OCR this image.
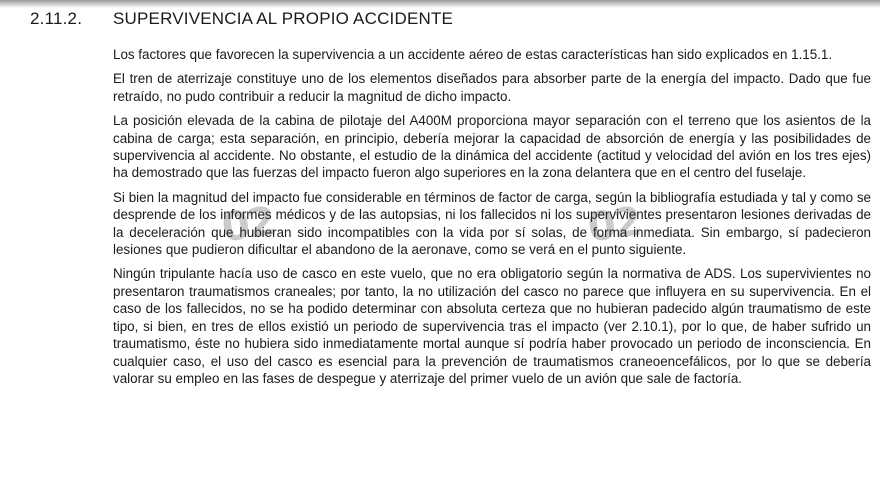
2.11.2. SUPERVIVENCIA AL PROPIO ACCIDENTE

Los factores que favorecen la supervivencia a un accidente aéreo de estas características han sido explicados en 1.15.1.

El tren de aterrizaje constituye uno de los elementos diseñados para absorber parte de la energía del impacto. Dado que fue retraído, no pudo contribuir a reducir la magnitud de dicho impacto.

La posición elevada de la cabina de pilotaje del A400M proporciona mayor separación con el terreno que los asientos de la cabina de carga; esta separación, en principio, debería mejorar la capacidad de absorción de energía y las posibilidades de supervivencia al accidente. No obstante, el estudio de la dinámica del accidente (actitud y velocidad del avión en los tres ejes) ha demostrado que las fuerzas del impacto fueron algo superiores en la zona delantera que en el centro del fuselaje.

Si bien la magnitud del impacto fue considerable en términos de factor de carga, según la bibliografía estudiada y tal y como se desprende de los informes médicos y de las autopsias, ni los fallecidos ni los supervivientes presentaron lesiones derivadas de la deceleración que hubieran sido incompatibles con la vida por sí solas, de forma inmediata. Sin embargo, sí padecieron lesiones que pudieron dificultar el abandono de la aeronave, como se verá en el punto siguiente.

Ningún tripulante hacía uso de casco en este vuelo, que no era obligatorio según la normativa de ADS. Los supervivientes no presentaron traumatismos craneales; por tanto, la no utilización del casco no parece que influyera en su supervivencia. En el caso de los fallecidos, no se ha podido determinar con absoluta certeza que no hubieran padecido algún traumatismo de este tipo, si bien, en tres de ellos existió un periodo de supervivencia tras el impacto (ver 2.10.1), por lo que, de haber sufrido un traumatismo, éste no hubiera sido inmediatamente mortal aunque sí podría haber provocado un periodo de inconsciencia. En cualquier caso, el uso del casco es esencial para la prevención de traumatismos craneoencefálicos, por lo que se debería valorar su empleo en las fases de despegue y aterrizaje del primer vuelo de un avión que sale de factoría.

02	02
